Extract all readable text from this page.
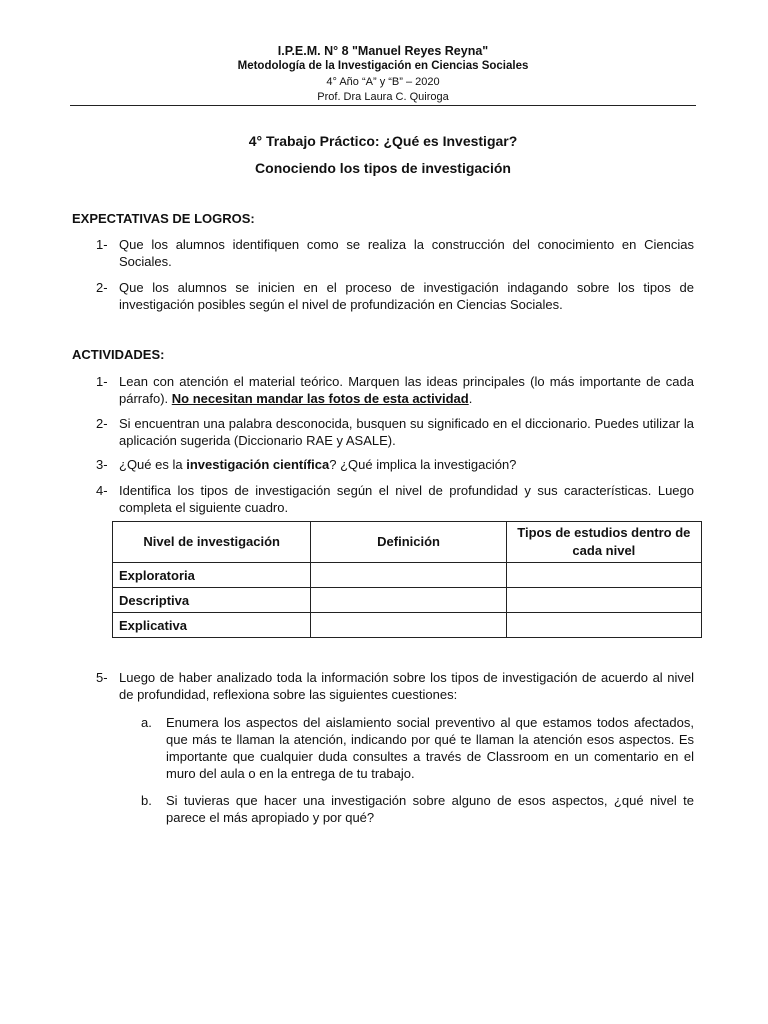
I.P.E.M. N° 8 "Manuel Reyes Reyna"
Metodología de la Investigación en Ciencias Sociales
4° Año “A” y “B” – 2020
Prof. Dra Laura C. Quiroga
4° Trabajo Práctico: ¿Qué es Investigar?
Conociendo los tipos de investigación
EXPECTATIVAS DE LOGROS:
1- Que los alumnos identifiquen como se realiza la construcción del conocimiento en Ciencias Sociales.
2- Que los alumnos se inicien en el proceso de investigación indagando sobre los tipos de investigación posibles según el nivel de profundización en Ciencias Sociales.
ACTIVIDADES:
1- Lean con atención el material teórico. Marquen las ideas principales (lo más importante de cada párrafo). No necesitan mandar las fotos de esta actividad.
2- Si encuentran una palabra desconocida, busquen su significado en el diccionario. Puedes utilizar la aplicación sugerida (Diccionario RAE y ASALE).
3- ¿Qué es la investigación científica? ¿Qué implica la investigación?
4- Identifica los tipos de investigación según el nivel de profundidad y sus características. Luego completa el siguiente cuadro.
Nivel de investigación	Definición	Tipos de estudios dentro de cada nivel
Exploratoria		
Descriptiva		
Explicativa		
5- Luego de haber analizado toda la información sobre los tipos de investigación de acuerdo al nivel de profundidad, reflexiona sobre las siguientes cuestiones:
a.	Enumera los aspectos del aislamiento social preventivo al que estamos todos afectados, que más te llaman la atención, indicando por qué te llaman la atención esos aspectos. Es importante que cualquier duda consultes a través de Classroom en un comentario en el muro del aula o en la entrega de tu trabajo.
b.	Si tuvieras que hacer una investigación sobre alguno de esos aspectos, ¿qué nivel te parece el más apropiado y por qué?
